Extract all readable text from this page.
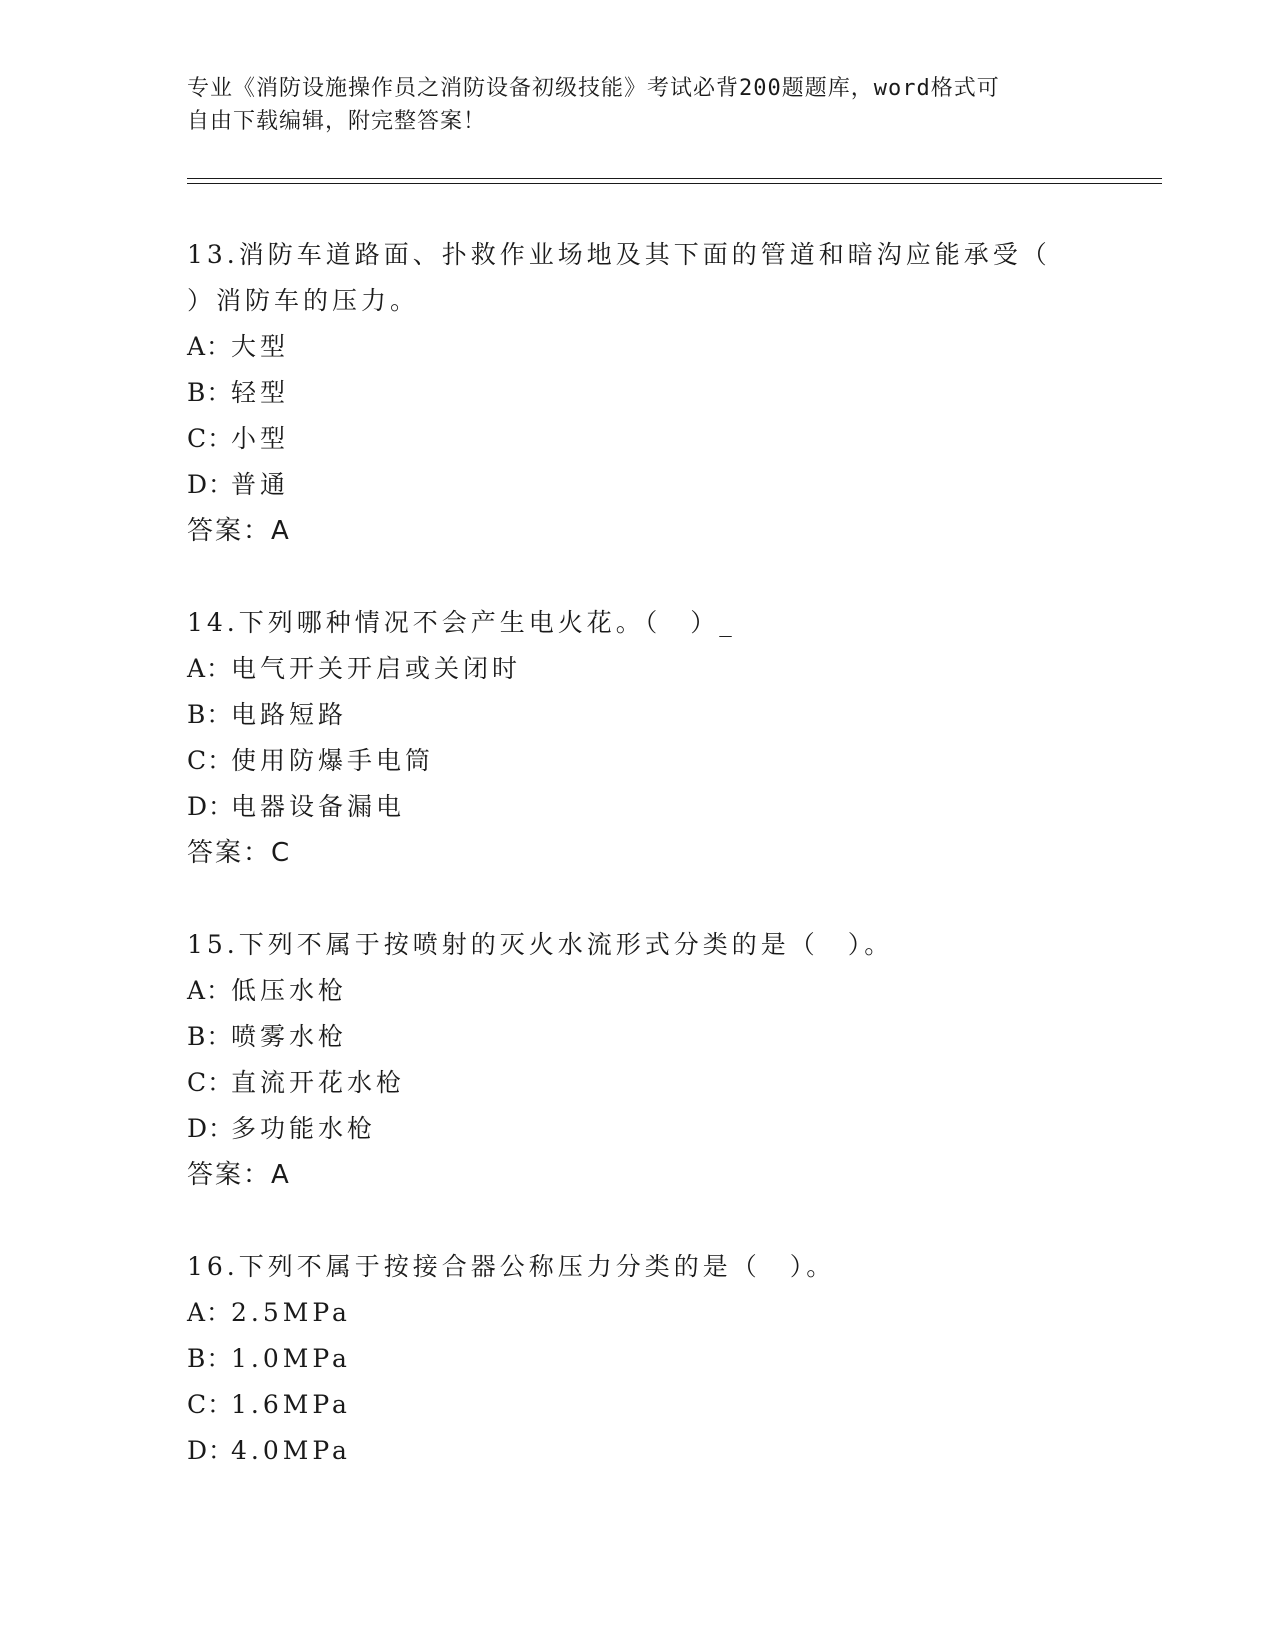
专业《消防设施操作员之消防设备初级技能》考试必背200题题库，word格式可
自由下载编辑，附完整答案！
13.消防车道路面、扑救作业场地及其下面的管道和暗沟应能承受（
）消防车的压力。
A：大型
B：轻型
C：小型
D：普通
答案：A
14.下列哪种情况不会产生电火花。（　）_
A：电气开关开启或关闭时
B：电路短路
C：使用防爆手电筒
D：电器设备漏电
答案：C
15.下列不属于按喷射的灭火水流形式分类的是（　）。
A：低压水枪
B：喷雾水枪
C：直流开花水枪
D：多功能水枪
答案：A
16.下列不属于按接合器公称压力分类的是（　）。
A：2.5MPa
B：1.0MPa
C：1.6MPa
D：4.0MPa
